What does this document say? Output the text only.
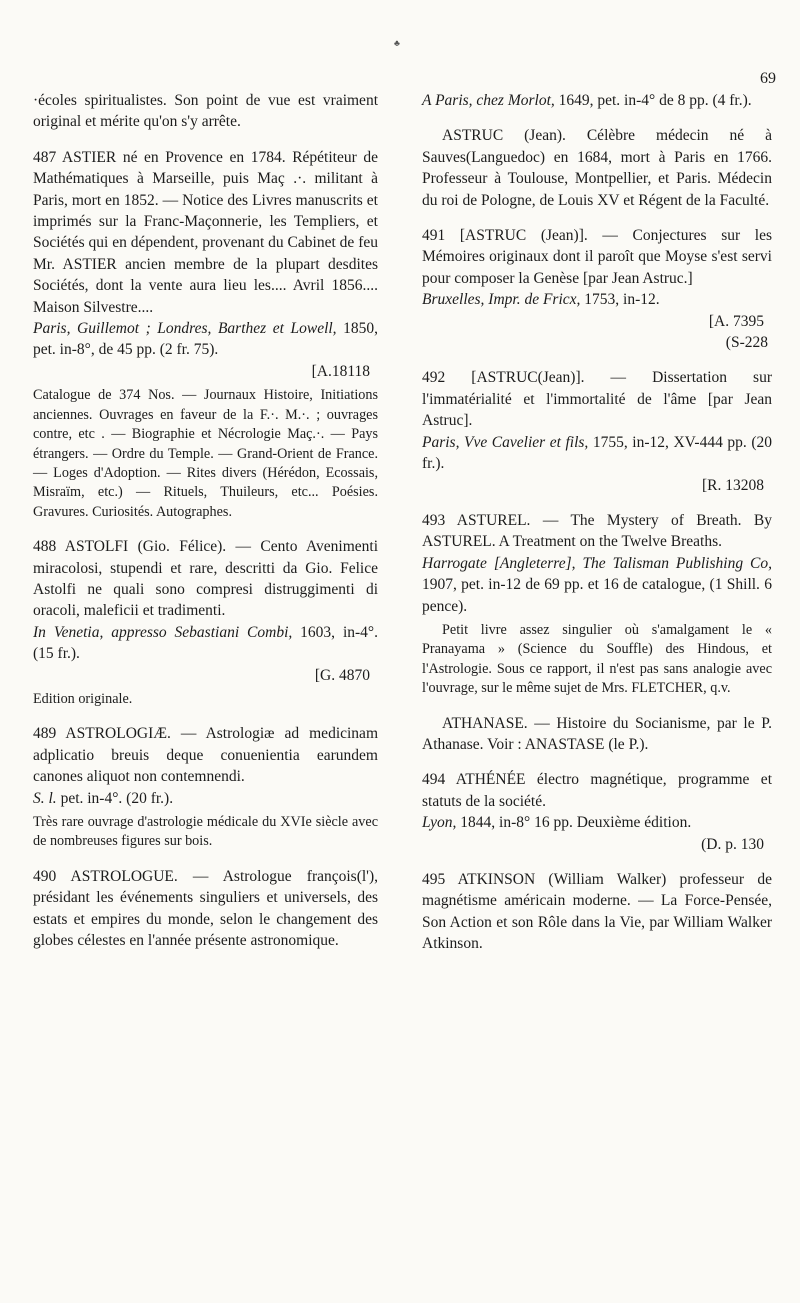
♣
69

·écoles spiritualistes. Son point de vue est vraiment original et mérite qu'on s'y arrête.

487 ASTIER né en Provence en 1784. Répétiteur de Mathématiques à Marseille, puis Maç .·. militant à Paris, mort en 1852. — Notice des Livres manuscrits et imprimés sur la Franc-Maçonnerie, les Templiers, et Sociétés qui en dépendent, provenant du Cabinet de feu Mr. ASTIER ancien membre de la plupart desdites Sociétés, dont la vente aura lieu les.... Avril 1856.... Maison Silvestre....

Paris, Guillemot ; Londres, Barthez et Lowell, 1850, pet. in-8°, de 45 pp. (2 fr. 75).

[A.18118

Catalogue de 374 Nos. — Journaux Histoire, Initiations anciennes. Ouvrages en faveur de la F.·. M.·. ; ouvrages contre, etc . — Biographie et Nécrologie Maç.·. — Pays étrangers. — Ordre du Temple. — Grand-Orient de France. — Loges d'Adoption. — Rites divers (Hérédon, Ecossais, Misraïm, etc.) — Rituels, Thuileurs, etc... Poésies. Gravures. Curiosités. Autographes.

488 ASTOLFI (Gio. Félice). — Cento Avenimenti miracolosi, stupendi et rare, descritti da Gio. Felice Astolfi ne quali sono compresi distruggimenti di oracoli, maleficii et tradimenti.

In Venetia, appresso Sebastiani Combi, 1603, in-4°. (15 fr.).

[G. 4870

Edition originale.

489 ASTROLOGIÆ. — Astrologiæ ad medicinam adplicatio breuis deque conuenientia earundem canones aliquot non contemnendi.

S. l. pet. in-4°. (20 fr.).

Très rare ouvrage d'astrologie médicale du XVIe siècle avec de nombreuses figures sur bois.

490 ASTROLOGUE. — Astrologue françois(l'), présidant les événements singuliers et universels, des estats et empires du monde, selon le changement des globes célestes en l'année présente astronomique.

A Paris, chez Morlot, 1649, pet. in-4° de 8 pp. (4 fr.).

ASTRUC (Jean). Célèbre médecin né à Sauves(Languedoc) en 1684, mort à Paris en 1766. Professeur à Toulouse, Montpellier, et Paris. Médecin du roi de Pologne, de Louis XV et Régent de la Faculté.

491 [ASTRUC (Jean)]. — Conjectures sur les Mémoires originaux dont il paroît que Moyse s'est servi pour composer la Genèse [par Jean Astruc.]

Bruxelles, Impr. de Fricx, 1753, in-12.

[A. 7395

(S-228

492 [ASTRUC(Jean)]. — Dissertation sur l'immatérialité et l'immortalité de l'âme [par Jean Astruc].

Paris, Vve Cavelier et fils, 1755, in-12, XV-444 pp. (20 fr.).

[R. 13208

493 ASTUREL. — The Mystery of Breath. By ASTUREL. A Treatment on the Twelve Breaths.

Harrogate [Angleterre], The Talisman Publishing Co, 1907, pet. in-12 de 69 pp. et 16 de catalogue, (1 Shill. 6 pence).

Petit livre assez singulier où s'amalgament le « Pranayama » (Science du Souffle) des Hindous, et l'Astrologie. Sous ce rapport, il n'est pas sans analogie avec l'ouvrage, sur le même sujet de Mrs. FLETCHER, q.v.

ATHANASE. — Histoire du Socianisme, par le P. Athanase. Voir : ANASTASE (le P.).

494 ATHÉNÉE électro magnétique, programme et statuts de la société.

Lyon, 1844, in-8° 16 pp. Deuxième édition.

(D. p. 130

495 ATKINSON (William Walker) professeur de magnétisme américain moderne. — La Force-Pensée, Son Action et son Rôle dans la Vie, par William Walker Atkinson.
